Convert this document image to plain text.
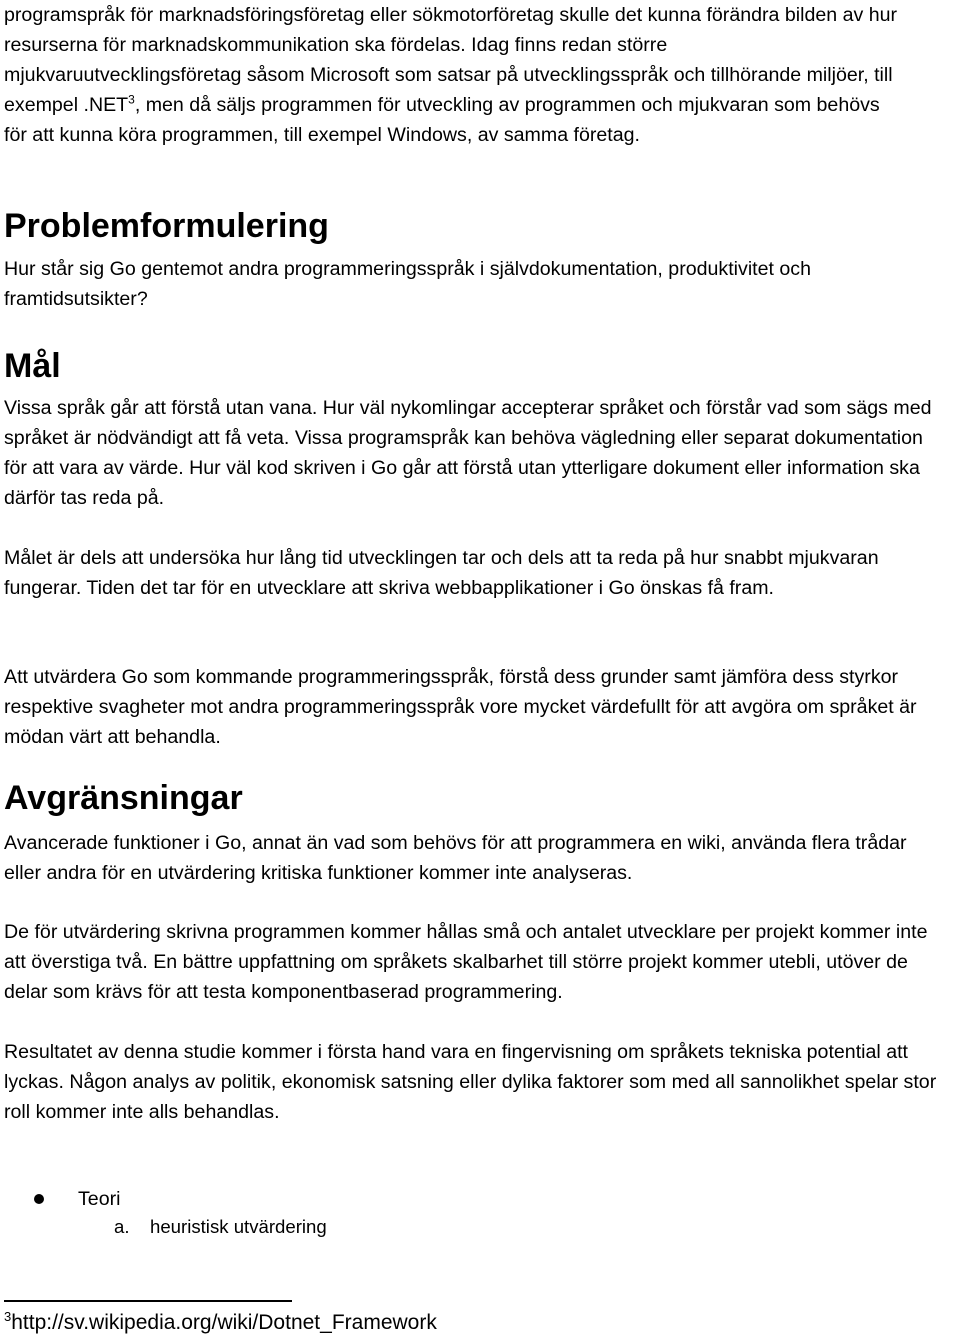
programspråk för marknadsföringsföretag eller sökmotorföretag skulle det kunna förändra bilden av hur resurserna för marknadskommunikation ska fördelas. Idag finns redan större mjukvaruutvecklingsföretag såsom Microsoft som satsar på utvecklingsspråk och tillhörande miljöer, till exempel .NET$^3$, men då säljs programmen för utveckling av programmen och mjukvaran som behövs för att kunna köra programmen, till exempel Windows, av samma företag.

Problemformulering

Hur står sig Go gentemot andra programmeringsspråk i självdokumentation, produktivitet och framtidsutsikter?

Mål

Vissa språk går att förstå utan vana. Hur väl nykomlingar accepterar språket och förstår vad som sägs med språket är nödvändigt att få veta. Vissa programspråk kan behöva vägledning eller separat dokumentation för att vara av värde. Hur väl kod skriven i Go går att förstå utan ytterligare dokument eller information ska därför tas reda på.

Målet är dels att undersöka hur lång tid utvecklingen tar och dels att ta reda på hur snabbt mjukvaran fungerar. Tiden det tar för en utvecklare att skriva webbapplikationer i Go önskas få fram.

Att utvärdera Go som kommande programmeringsspråk, förstå dess grunder samt jämföra dess styrkor respektive svagheter mot andra programmeringsspråk vore mycket värdefullt för att avgöra om språket är mödan värt att behandla.

Avgränsningar

Avancerade funktioner i Go, annat än vad som behövs för att programmera en wiki, använda flera trådar eller andra för en utvärdering kritiska funktioner kommer inte analyseras.

De för utvärdering skrivna programmen kommer hållas små och antalet utvecklare per projekt kommer inte att överstiga två. En bättre uppfattning om språkets skalbarhet till större projekt kommer utebli, utöver de delar som krävs för att testa komponentbaserad programmering.

Resultatet av denna studie kommer i första hand vara en fingervisning om språkets tekniska potential att lyckas. Någon analys av politik, ekonomisk satsning eller dylika faktorer som med all sannolikhet spelar stor roll kommer inte alls behandlas.

Teori
a. heuristisk utvärdering
$^3$http://sv.wikipedia.org/wiki/Dotnet_Framework
